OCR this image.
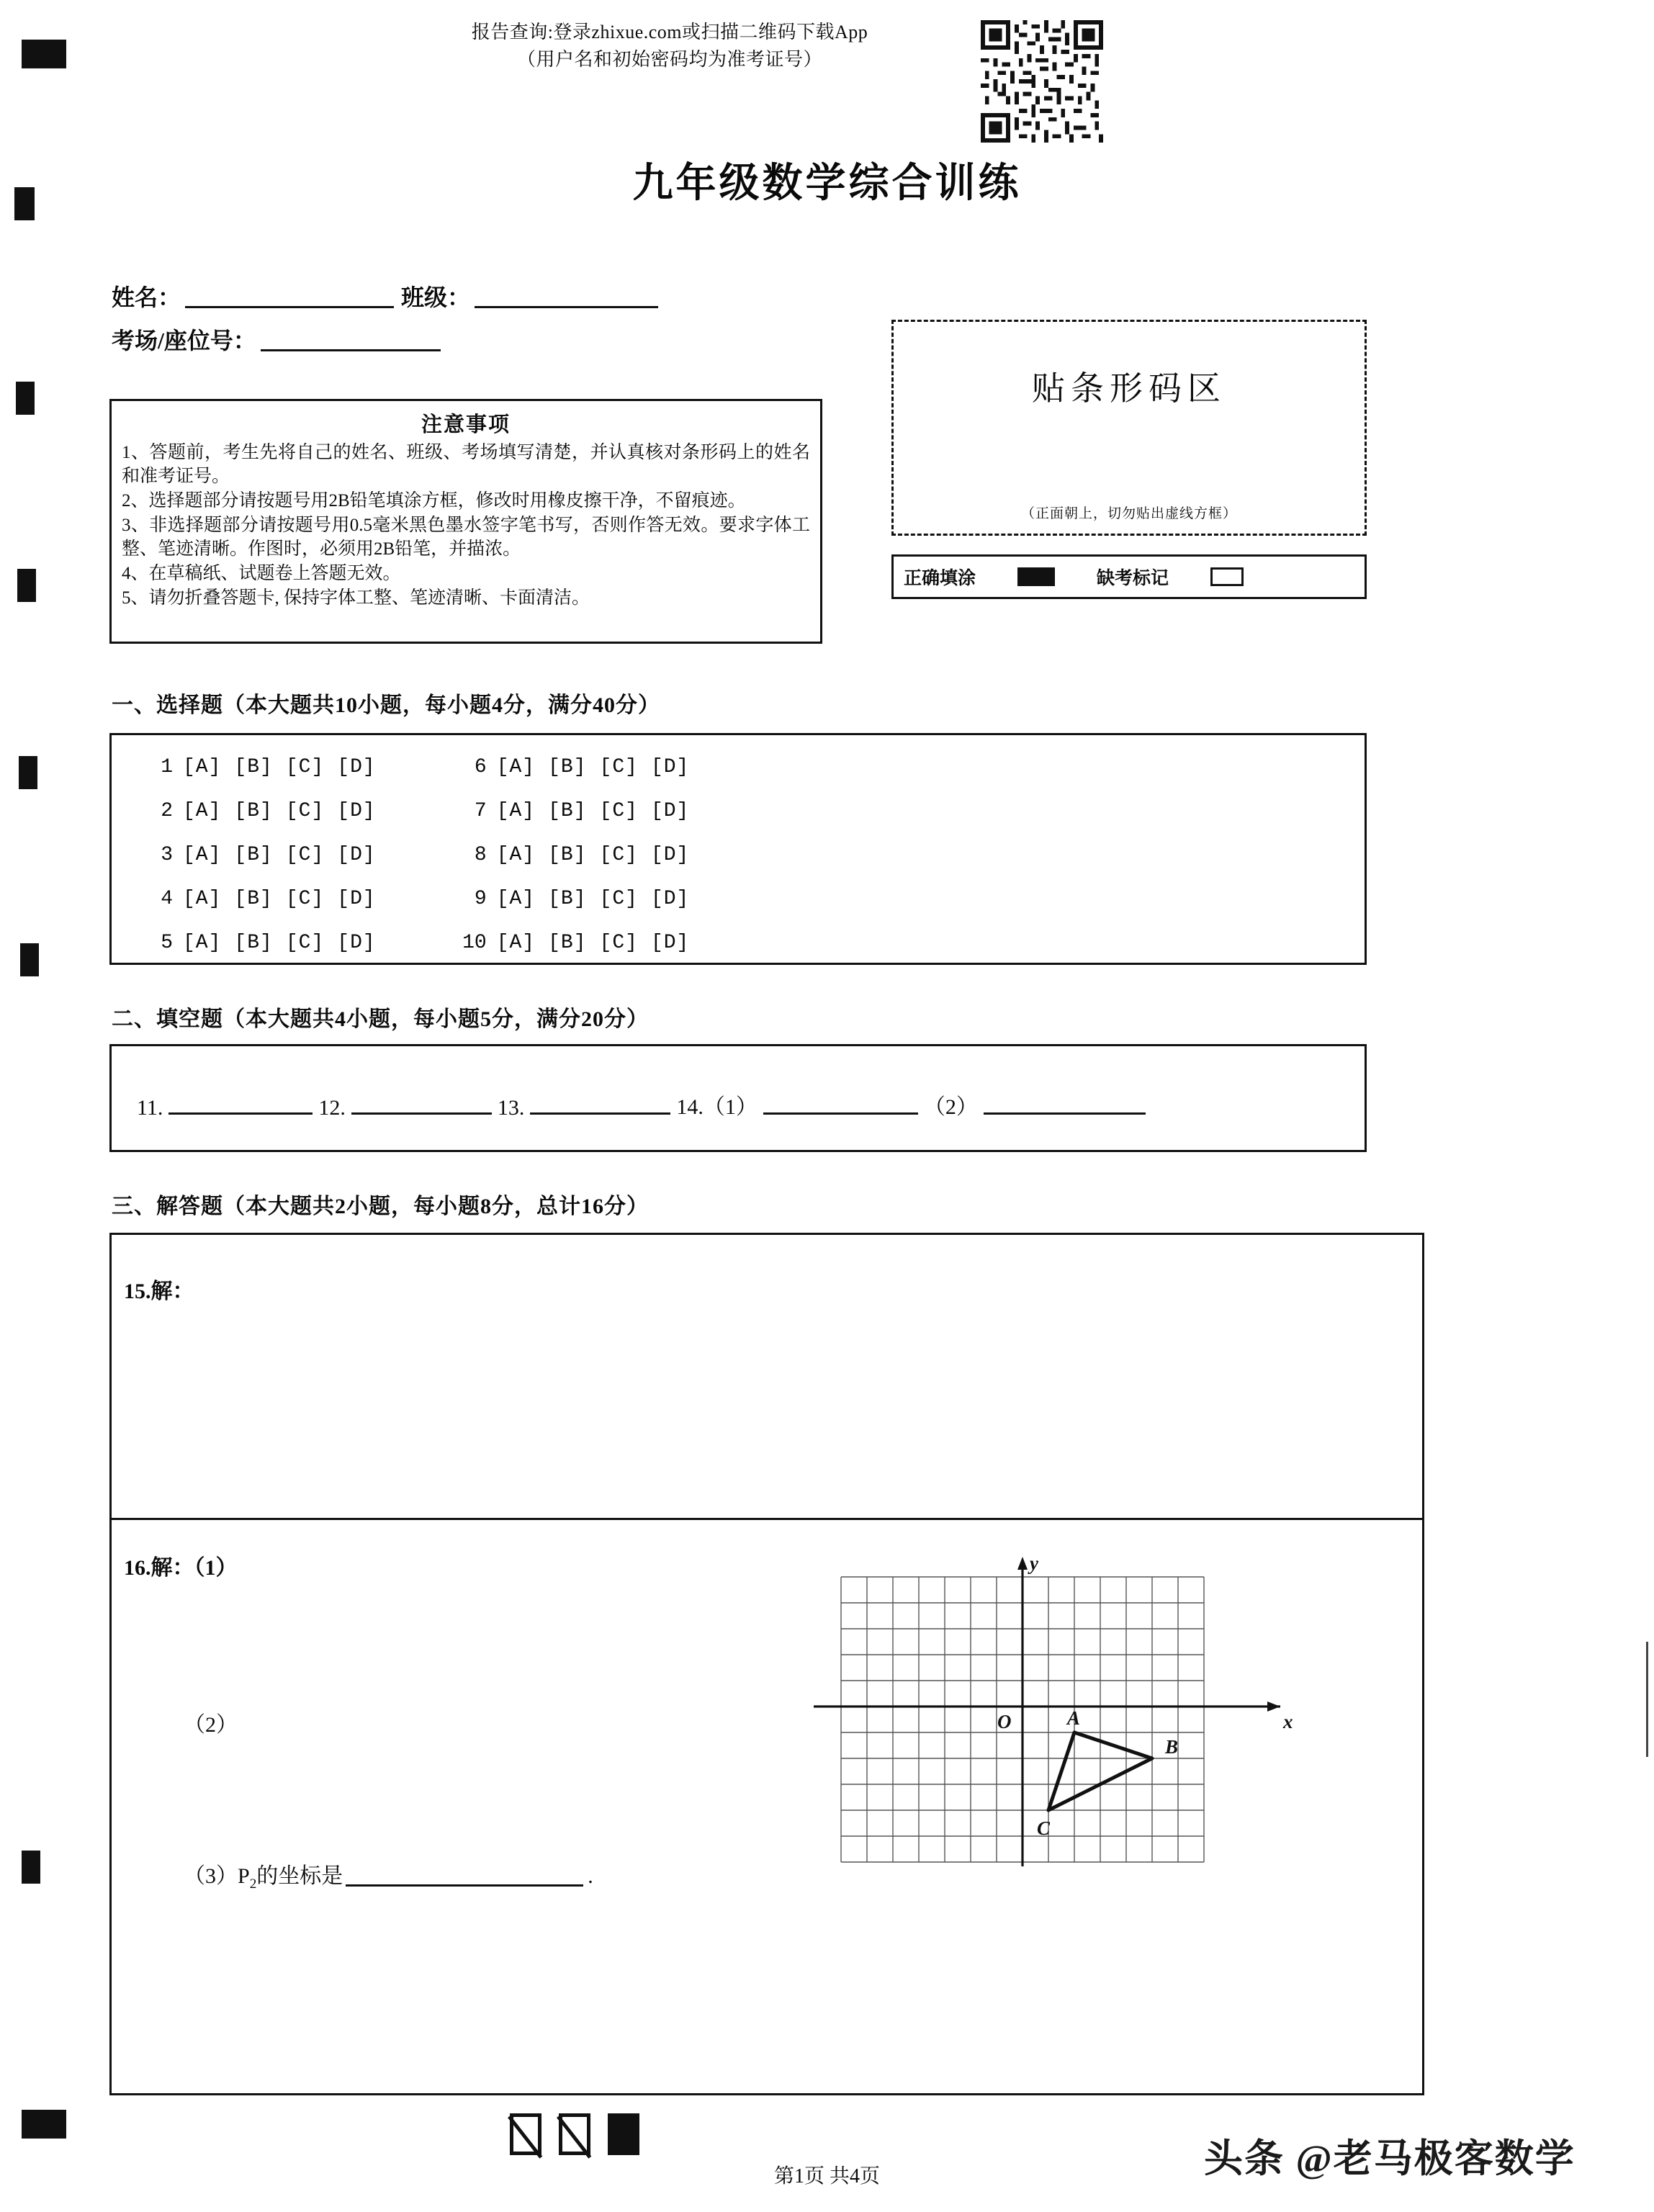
报告查询:登录zhixue.com或扫描二维码下载App
（用户名和初始密码均为准考证号）
九年级数学综合训练
姓名：	班级：
考场/座位号：
注意事项

1、答题前，考生先将自己的姓名、班级、考场填写清楚，并认真核对条形码上的姓名和准考证号。

2、选择题部分请按题号用2B铅笔填涂方框，修改时用橡皮擦干净，不留痕迹。

3、非选择题部分请按题号用0.5毫米黑色墨水签字笔书写，否则作答无效。要求字体工整、笔迹清晰。作图时，必须用2B铅笔，并描浓。

4、在草稿纸、试题卷上答题无效。

5、请勿折叠答题卡, 保持字体工整、笔迹清晰、卡面清洁。

贴条形码区
（正面朝上，切勿贴出虚线方框）
正确填涂	缺考标记
一、选择题（本大题共10小题，每小题4分，满分40分）
1 [A] [B] [C] [D]
2 [A] [B] [C] [D]
3 [A] [B] [C] [D]
4 [A] [B] [C] [D]
5 [A] [B] [C] [D]
6 [A] [B] [C] [D]
7 [A] [B] [C] [D]
8 [A] [B] [C] [D]
9 [A] [B] [C] [D]
10 [A] [B] [C] [D]
二、填空题（本大题共4小题，每小题5分，满分20分）
11.	12.	13.	14.（1）	（2）
三、解答题（本大题共2小题，每小题8分，总计16分）
15.解：
16.解：（1）
（2）
$(3)P_2$的坐标是	.
O	A
B
C
y
x
第1页 共4页	头条 @老马极客数学
